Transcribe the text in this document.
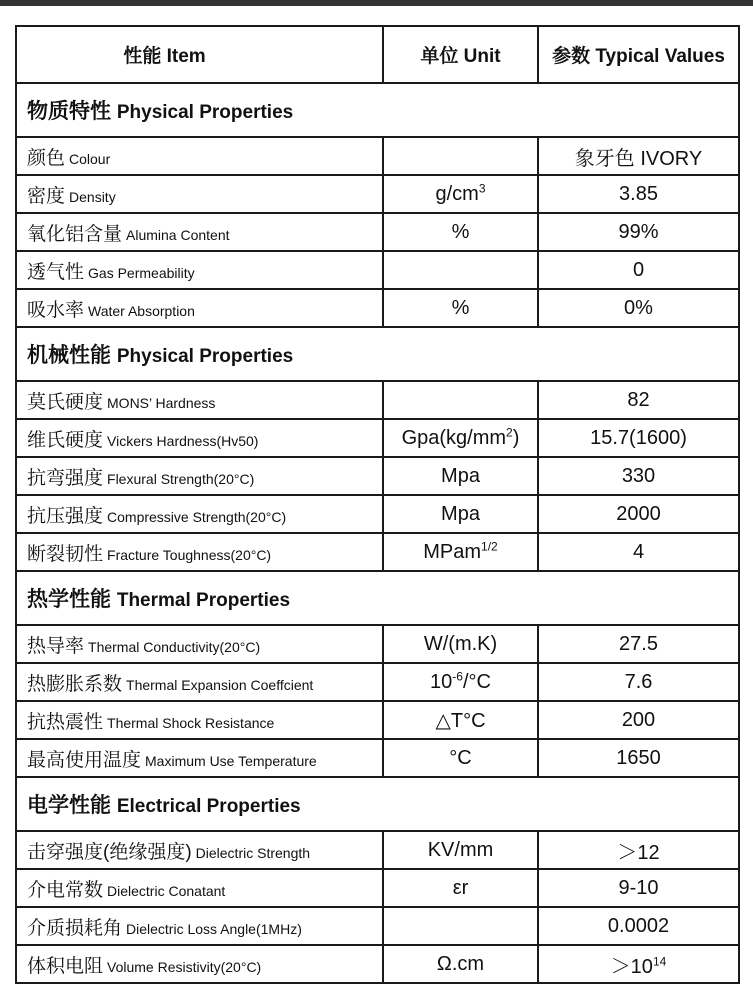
性能 Item	单位 Unit	参数 Typical Values
物质特性 Physical Properties		
颜色 Colour		象牙色 IVORY
密度 Density	$g/cm^3$	3.85
氧化铝含量 Alumina Content	%	99%
透气性 Gas Permeability		0
吸水率 Water Absorption	%	0%
机械性能 Physical Properties		
莫氏硬度 MONS’ Hardness		82
维氏硬度 Vickers Hardness(Hv50)	$Gpa(kg/mm^2)$	15.7(1600)
抗弯强度 Flexural Strength(20°C)	Mpa	330
抗压强度 Compressive Strength(20°C)	Mpa	2000
断裂韧性 Fracture Toughness(20°C)	MPam$^{1/2}$	4
热学性能 Thermal Properties		
热导率 Thermal Conductivity(20°C)	W/(m.K)	27.5
热膨胀系数 Thermal Expansion Coeffcient	$10^{-6}/^\circ C$	7.6
抗热震性 Thermal Shock Resistance	△T°C	200
最高使用温度 Maximum Use Temperature	°C	1650
电学性能 Electrical Properties		
击穿强度(绝缘强度) Dielectric Strength	KV/mm	＞12
介电常数 Dielectric Conatant	εr	9-10
介质损耗角 Dielectric Loss Angle(1MHz)		0.0002
体积电阻 Volume Resistivity(20°C)	Ω.cm	$>10^{14}$
